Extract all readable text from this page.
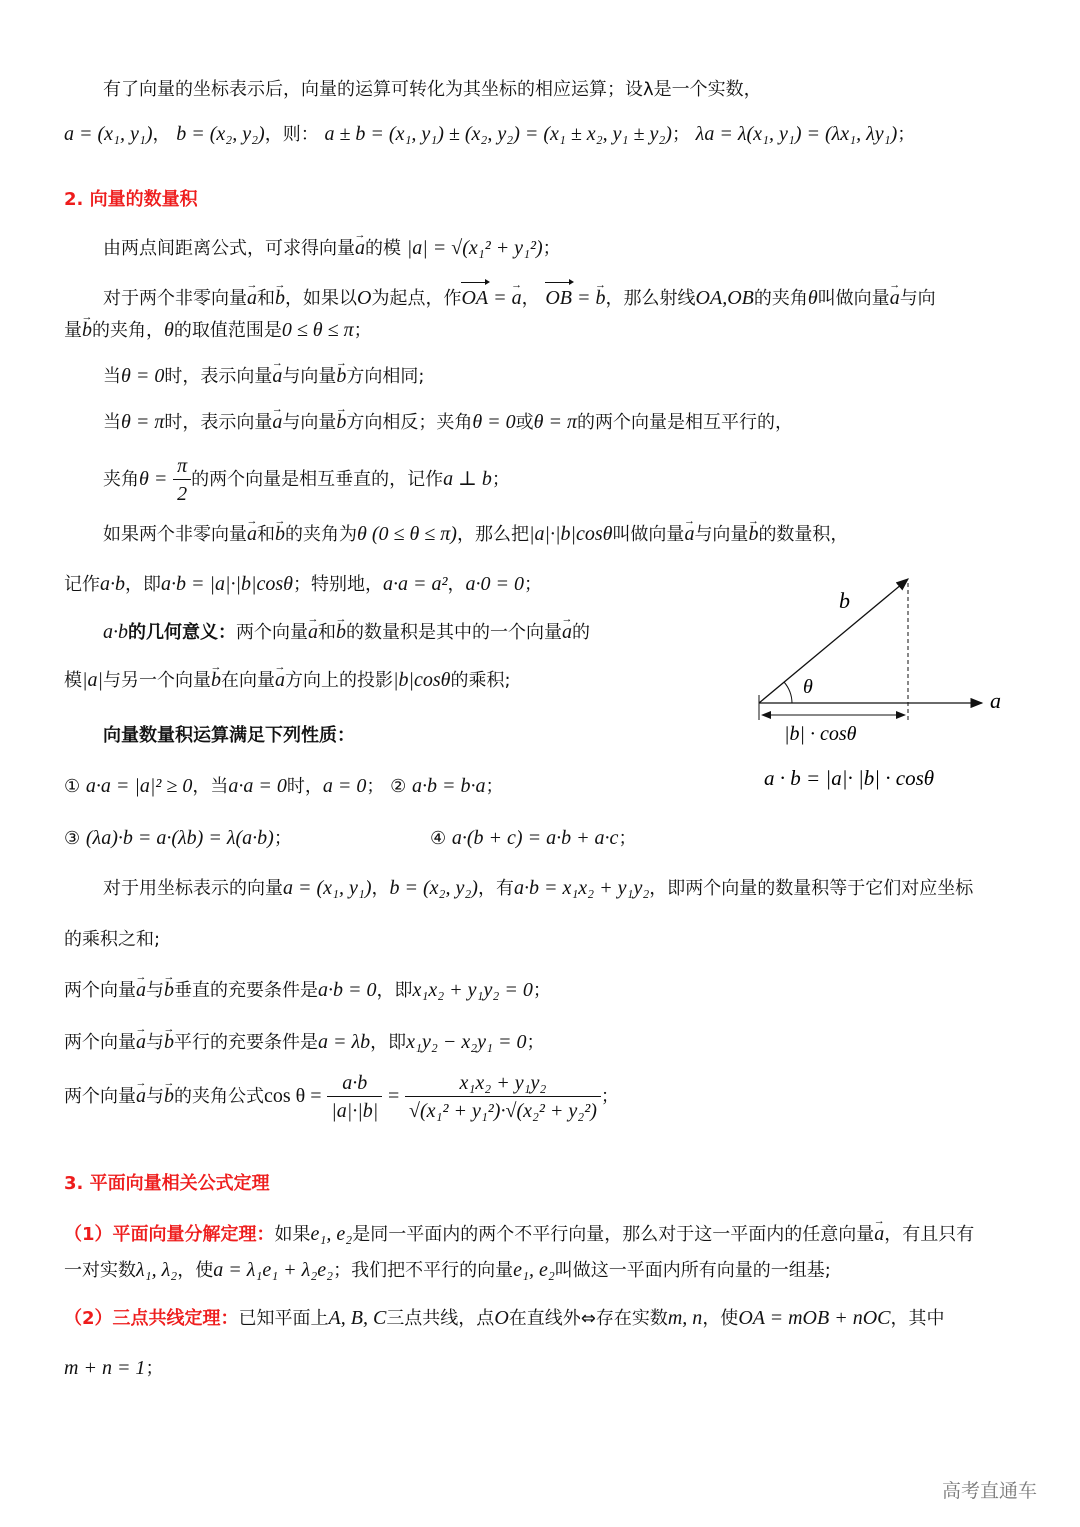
有了向量的坐标表示后，向量的运算可转化为其坐标的相应运算；设λ是一个实数，
a = (x₁, y₁)， b = (x₂, y₂)，则： a ± b = (x₁, y₁) ± (x₂, y₂) = (x₁ ± x₂, y₁ ± y₂)； λa = λ(x₁, y₁) = (λx₁, λy₁)；
2. 向量的数量积
由两点间距离公式，可求得向量→ a的模 |a| = √(x₁² + y₁²)；
对于两个非零向量→ a和→ b，如果以O为起点，作OA = → a， OB = → b，那么射线OA,OB的夹角θ叫做向量→ a与向
量→ b的夹角，θ的取值范围是0 ≤ θ ≤ π；
当θ = 0时，表示向量→ a与向量→ b方向相同;
当θ = π时，表示向量→ a与向量→ b方向相反；夹角θ = 0或θ = π的两个向量是相互平行的，
夹角$\theta = \frac{\pi}{2}$ 的两个向量是相互垂直的，记作a ⊥ b；
如果两个非零向量→ a和→ b的夹角为θ (0 ≤ θ ≤ π)，那么把|a|·|b|cosθ叫做向量→ a与向量→ b的数量积，
记作a·b，即a·b = |a|·|b|cosθ；特别地，a·a = a²，a·0 = 0；
a·b的几何意义：两个向量→ a和→ b的数量积是其中的一个向量→ a的
模|a|与另一个向量→ b在向量→ a方向上的投影|b|cosθ的乘积;
向量数量积运算满足下列性质：
① a·a = |a|² ≥ 0，当a·a = 0时，a = 0； ② a·b = b·a；
③ (λa)·b = a·(λb) = λ(a·b)；	④ a·(b + c) = a·b + a·c；
对于用坐标表示的向量a = (x₁, y₁)，b = (x₂, y₂)，有a·b = x₁x₂ + y₁y₂，即两个向量的数量积等于它们对应坐标
的乘积之和;
两个向量→ a与→ b垂直的充要条件是a·b = 0，即x₁x₂ + y₁y₂ = 0；
两个向量→ a与→ b平行的充要条件是a = λb，即x₁y₂ − x₂y₁ = 0；
两个向量→ a与→ b的夹角公式$\cos \theta = \frac{a\cdot b}{|a|\cdot|b|} = \frac{\text{x₁x₂ + y₁y₂}}{\text{√(x₁² + y₁²)·√(x₂² + y₂²)}}$ ；
b
θ
a
|b| · cosθ
a · b = |a|· |b| · cosθ
3. 平面向量相关公式定理
（1）平面向量分解定理：如果e₁, e₂是同一平面内的两个不平行向量，那么对于这一平面内的任意向量→ a，有且只有
一对实数λ₁, λ₂，使a = λ₁e₁ + λ₂e₂；我们把不平行的向量e₁, e₂叫做这一平面内所有向量的一组基;
（2）三点共线定理：已知平面上A, B, C三点共线，点O在直线外⇔存在实数m, n，使OA = mOB + nOC，其中
m + n = 1；
高考直通车
